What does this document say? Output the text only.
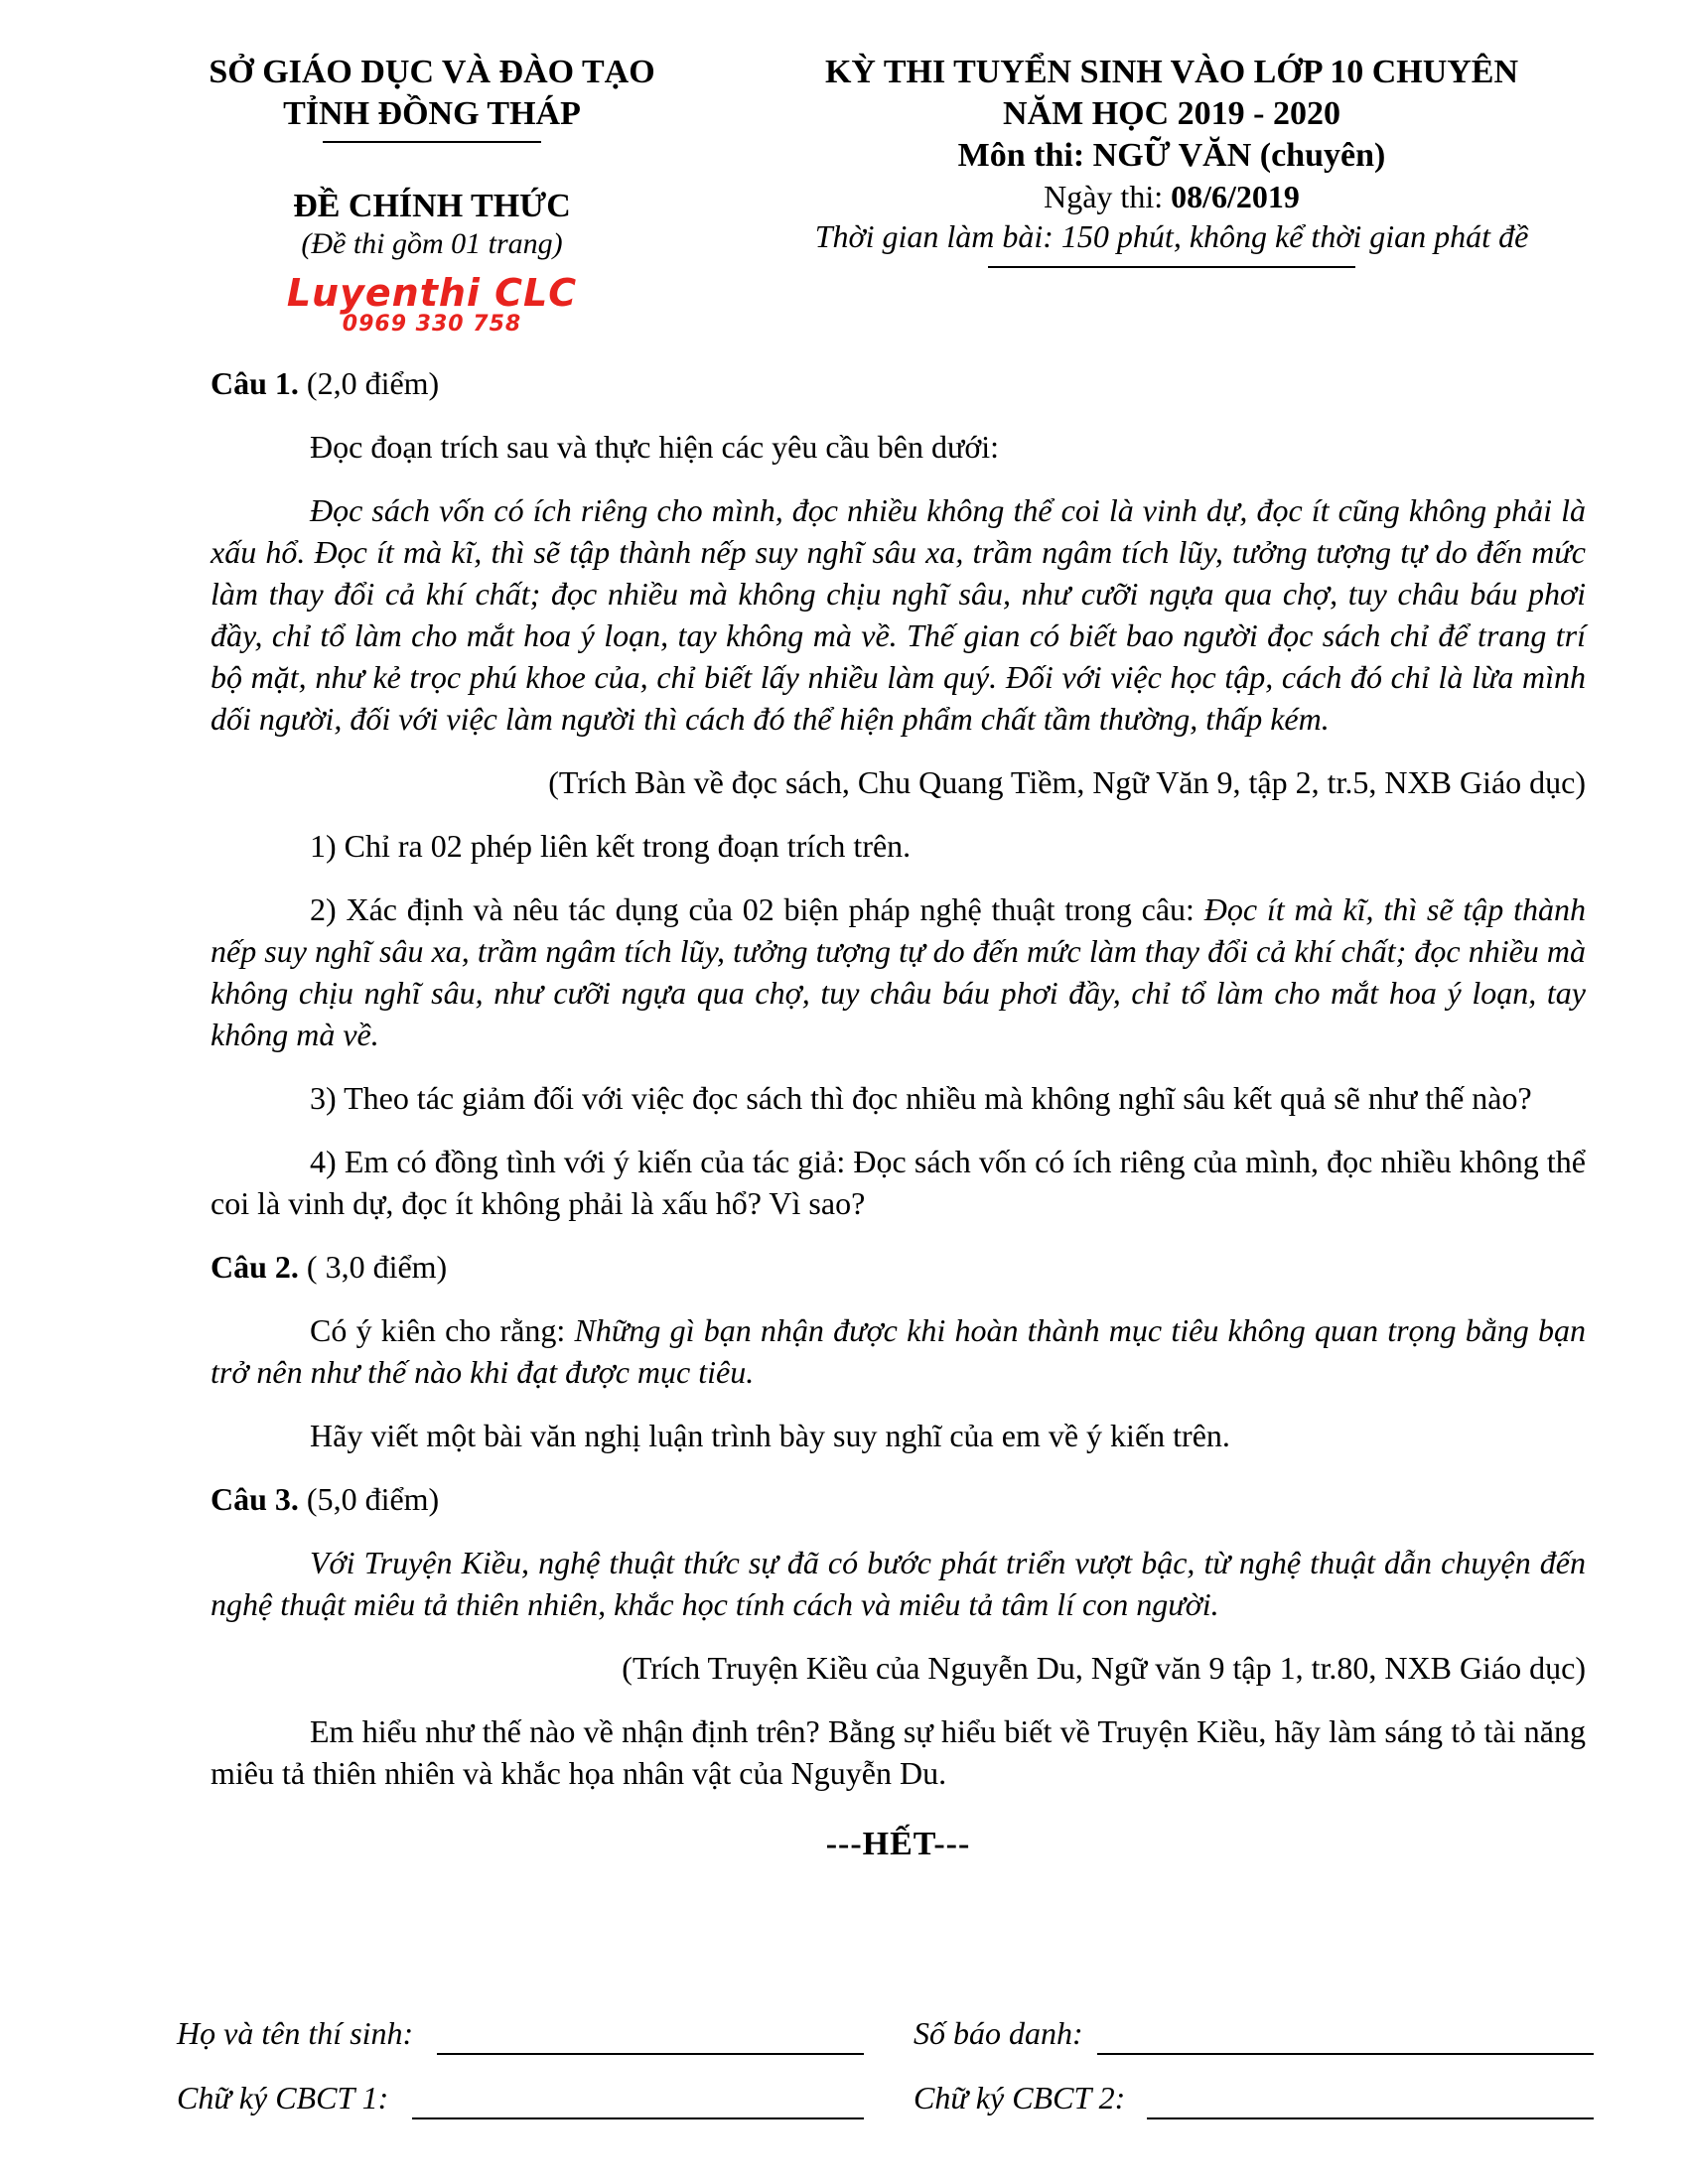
SỞ GIÁO DỤC VÀ ĐÀO TẠO
TỈNH ĐỒNG THÁP
ĐỀ CHÍNH THỨC
(Đề thi gồm 01 trang)
Luyenthi CLC
0969 330 758
KỲ THI TUYỂN SINH VÀO LỚP 10 CHUYÊN
NĂM HỌC 2019 - 2020
Môn thi: NGỮ VĂN (chuyên)
Ngày thi: 08/6/2019
Thời gian làm bài: 150 phút, không kể thời gian phát đề

Câu 1. (2,0 điểm)

Đọc đoạn trích sau và thực hiện các yêu cầu bên dưới:

Đọc sách vốn có ích riêng cho mình, đọc nhiều không thể coi là vinh dự, đọc ít cũng không phải là xấu hổ. Đọc ít mà kĩ, thì sẽ tập thành nếp suy nghĩ sâu xa, trầm ngâm tích lũy, tưởng tượng tự do đến mức làm thay đổi cả khí chất; đọc nhiều mà không chịu nghĩ sâu, như cưỡi ngựa qua chợ, tuy châu báu phơi đầy, chỉ tổ làm cho mắt hoa ý loạn, tay không mà về. Thế gian có biết bao người đọc sách chỉ để trang trí bộ mặt, như kẻ trọc phú khoe của, chỉ biết lấy nhiều làm quý. Đối với việc học tập, cách đó chỉ là lừa mình dối người, đối với việc làm người thì cách đó thể hiện phẩm chất tầm thường, thấp kém.

(Trích Bàn về đọc sách, Chu Quang Tiềm, Ngữ Văn 9, tập 2, tr.5, NXB Giáo dục)

1) Chỉ ra 02 phép liên kết trong đoạn trích trên.

2) Xác định và nêu tác dụng của 02 biện pháp nghệ thuật trong câu: Đọc ít mà kĩ, thì sẽ tập thành nếp suy nghĩ sâu xa, trầm ngâm tích lũy, tưởng tượng tự do đến mức làm thay đổi cả khí chất; đọc nhiều mà không chịu nghĩ sâu, như cưỡi ngựa qua chợ, tuy châu báu phơi đầy, chỉ tổ làm cho mắt hoa ý loạn, tay không mà về.

3) Theo tác giảm đối với việc đọc sách thì đọc nhiều mà không nghĩ sâu kết quả sẽ như thế nào?

4) Em có đồng tình với ý kiến của tác giả: Đọc sách vốn có ích riêng của mình, đọc nhiều không thể coi là vinh dự, đọc ít không phải là xấu hổ? Vì sao?

Câu 2. ( 3,0 điểm)

Có ý kiên cho rằng: Những gì bạn nhận được khi hoàn thành mục tiêu không quan trọng bằng bạn trở nên như thế nào khi đạt được mục tiêu.

Hãy viết một bài văn nghị luận trình bày suy nghĩ của em về ý kiến trên.

Câu 3. (5,0 điểm)

Với Truyện Kiều, nghệ thuật thức sự đã có bước phát triển vượt bậc, từ nghệ thuật dẫn chuyện đến nghệ thuật miêu tả thiên nhiên, khắc học tính cách và miêu tả tâm lí con người.

(Trích Truyện Kiều của Nguyễn Du, Ngữ văn 9 tập 1, tr.80, NXB Giáo dục)

Em hiểu như thế nào về nhận định trên? Bằng sự hiểu biết về Truyện Kiều, hãy làm sáng tỏ tài năng miêu tả thiên nhiên và khắc họa nhân vật của Nguyễn Du.

---HẾT---
Họ và tên thí sinh:	Số báo danh:
Chữ ký CBCT 1:	Chữ ký CBCT 2:
